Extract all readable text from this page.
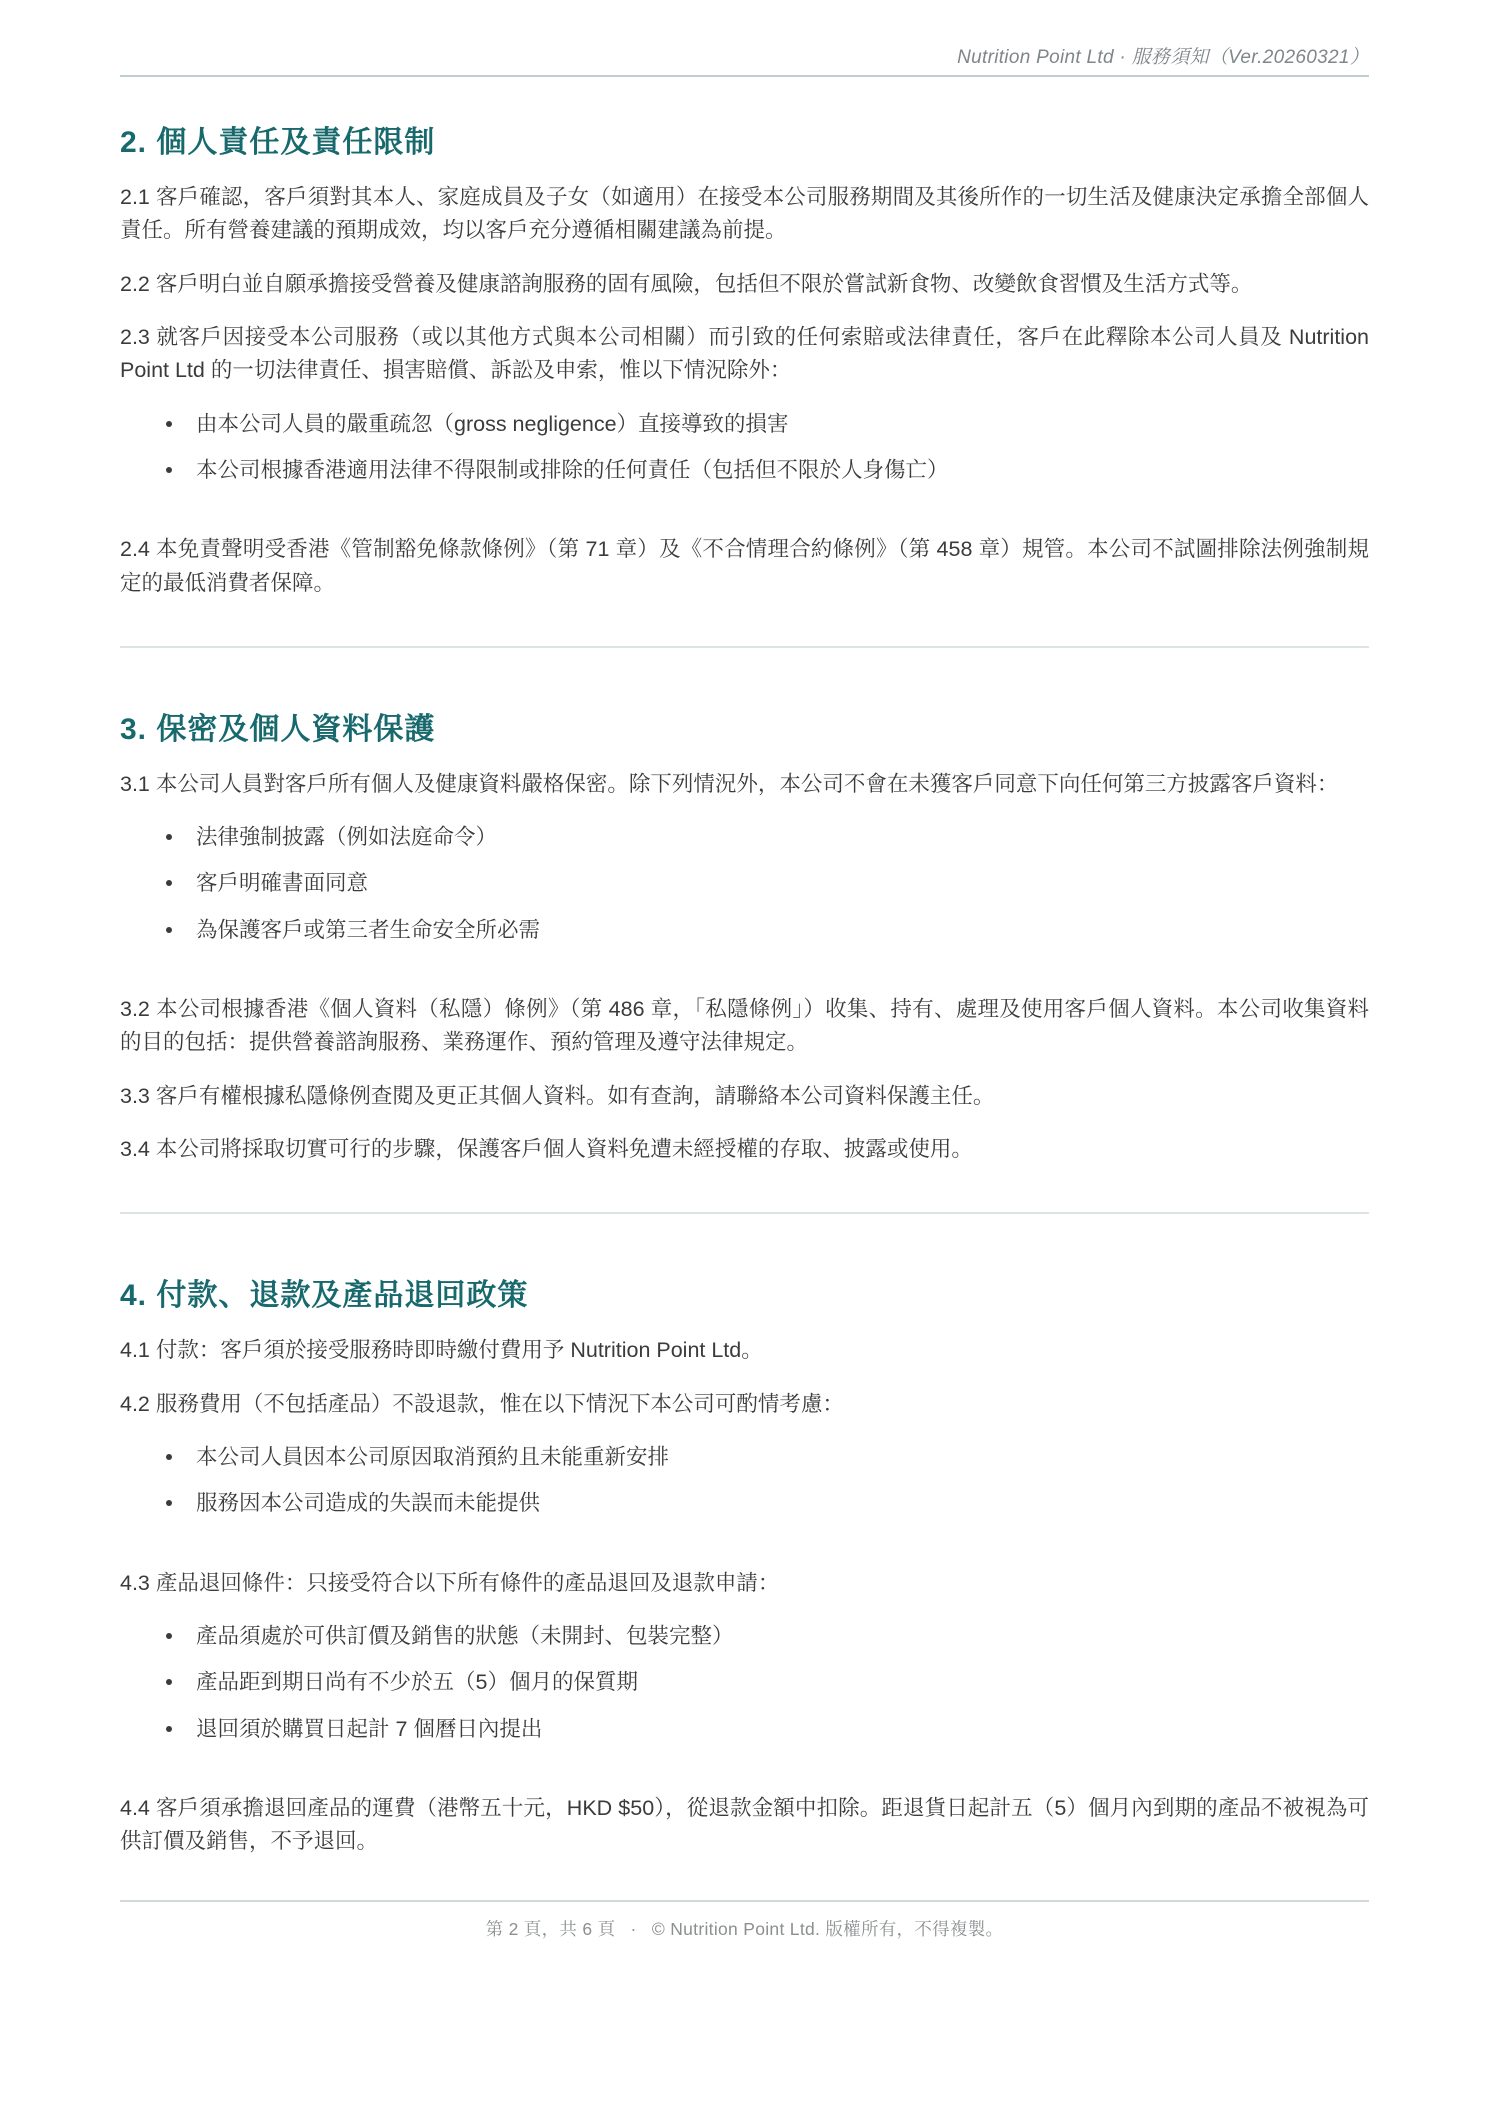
Nutrition Point Ltd · 服務須知（Ver.20260321）
2. 個人責任及責任限制

2.1 客戶確認，客戶須對其本人、家庭成員及子女（如適用）在接受本公司服務期間及其後所作的一切生活及健康決定承擔全部個人責任。所有營養建議的預期成效，均以客戶充分遵循相關建議為前提。

2.2 客戶明白並自願承擔接受營養及健康諮詢服務的固有風險，包括但不限於嘗試新食物、改變飲食習慣及生活方式等。

2.3 就客戶因接受本公司服務（或以其他方式與本公司相關）而引致的任何索賠或法律責任，客戶在此釋除本公司人員及 Nutrition Point Ltd 的一切法律責任、損害賠償、訴訟及申索，惟以下情況除外：

由本公司人員的嚴重疏忽（gross negligence）直接導致的損害
本公司根據香港適用法律不得限制或排除的任何責任（包括但不限於人身傷亡）

2.4 本免責聲明受香港《管制豁免條款條例》（第 71 章）及《不合情理合約條例》（第 458 章）規管。本公司不試圖排除法例強制規定的最低消費者保障。

3. 保密及個人資料保護

3.1 本公司人員對客戶所有個人及健康資料嚴格保密。除下列情況外，本公司不會在未獲客戶同意下向任何第三方披露客戶資料：

法律強制披露（例如法庭命令）
客戶明確書面同意
為保護客戶或第三者生命安全所必需

3.2 本公司根據香港《個人資料（私隱）條例》（第 486 章，「私隱條例」）收集、持有、處理及使用客戶個人資料。本公司收集資料的目的包括：提供營養諮詢服務、業務運作、預約管理及遵守法律規定。

3.3 客戶有權根據私隱條例查閱及更正其個人資料。如有查詢，請聯絡本公司資料保護主任。

3.4 本公司將採取切實可行的步驟，保護客戶個人資料免遭未經授權的存取、披露或使用。

4. 付款、退款及產品退回政策

4.1 付款：客戶須於接受服務時即時繳付費用予 Nutrition Point Ltd。

4.2 服務費用（不包括產品）不設退款，惟在以下情況下本公司可酌情考慮：

本公司人員因本公司原因取消預約且未能重新安排
服務因本公司造成的失誤而未能提供

4.3 產品退回條件：只接受符合以下所有條件的產品退回及退款申請：

產品須處於可供訂價及銷售的狀態（未開封、包裝完整）
產品距到期日尚有不少於五（5）個月的保質期
退回須於購買日起計 7 個曆日內提出

4.4 客戶須承擔退回產品的運費（港幣五十元，HKD $50），從退款金額中扣除。距退貨日起計五（5）個月內到期的產品不被視為可供訂價及銷售，不予退回。

第 2 頁，共 6 頁 · © Nutrition Point Ltd. 版權所有，不得複製。
